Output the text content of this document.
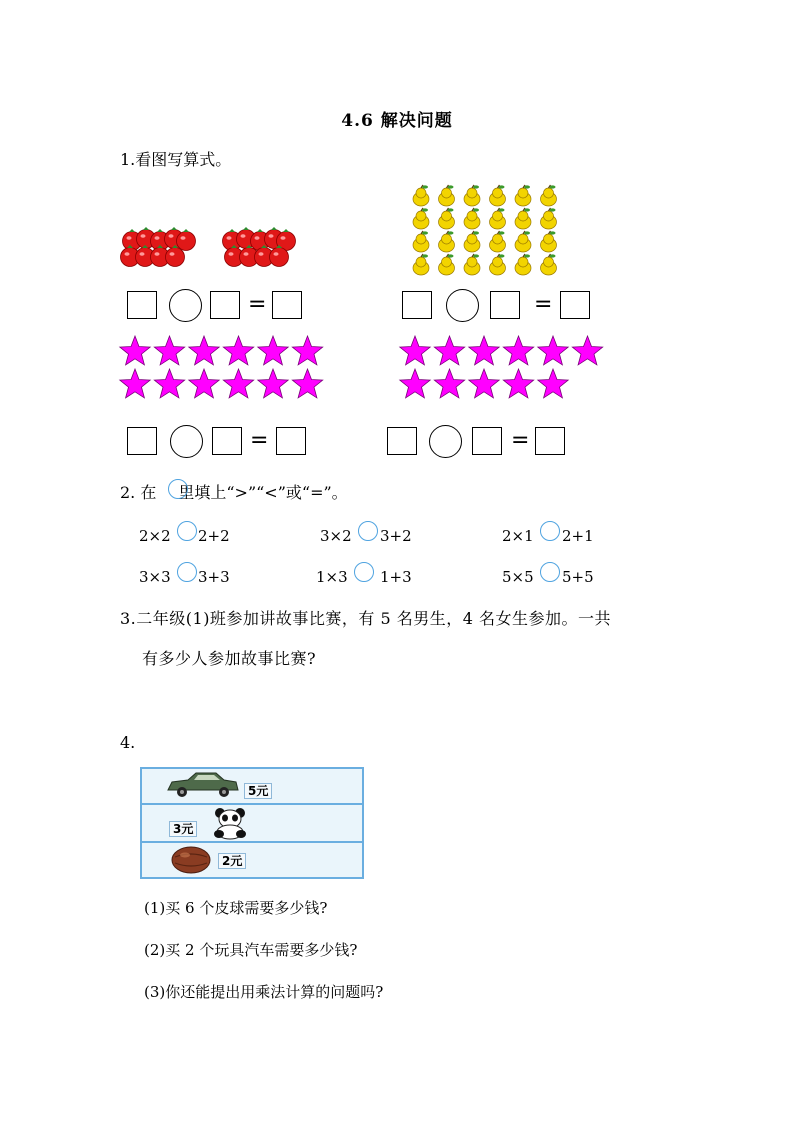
4.6 解决问题
1.看图写算式。
=	=
=	=
2. 在 里填上“>”“<”或“=”。
2×2 2+2	3×2 3+2	2×1 2+1
3×3 3+3	1×3 1+3	5×5 5+5
3.二年级(1)班参加讲故事比赛，有 5 名男生，4 名女生参加。一共
有多少人参加故事比赛?
4.
5元
3元
2元
(1)买 6 个皮球需要多少钱?
(2)买 2 个玩具汽车需要多少钱?
(3)你还能提出用乘法计算的问题吗?
